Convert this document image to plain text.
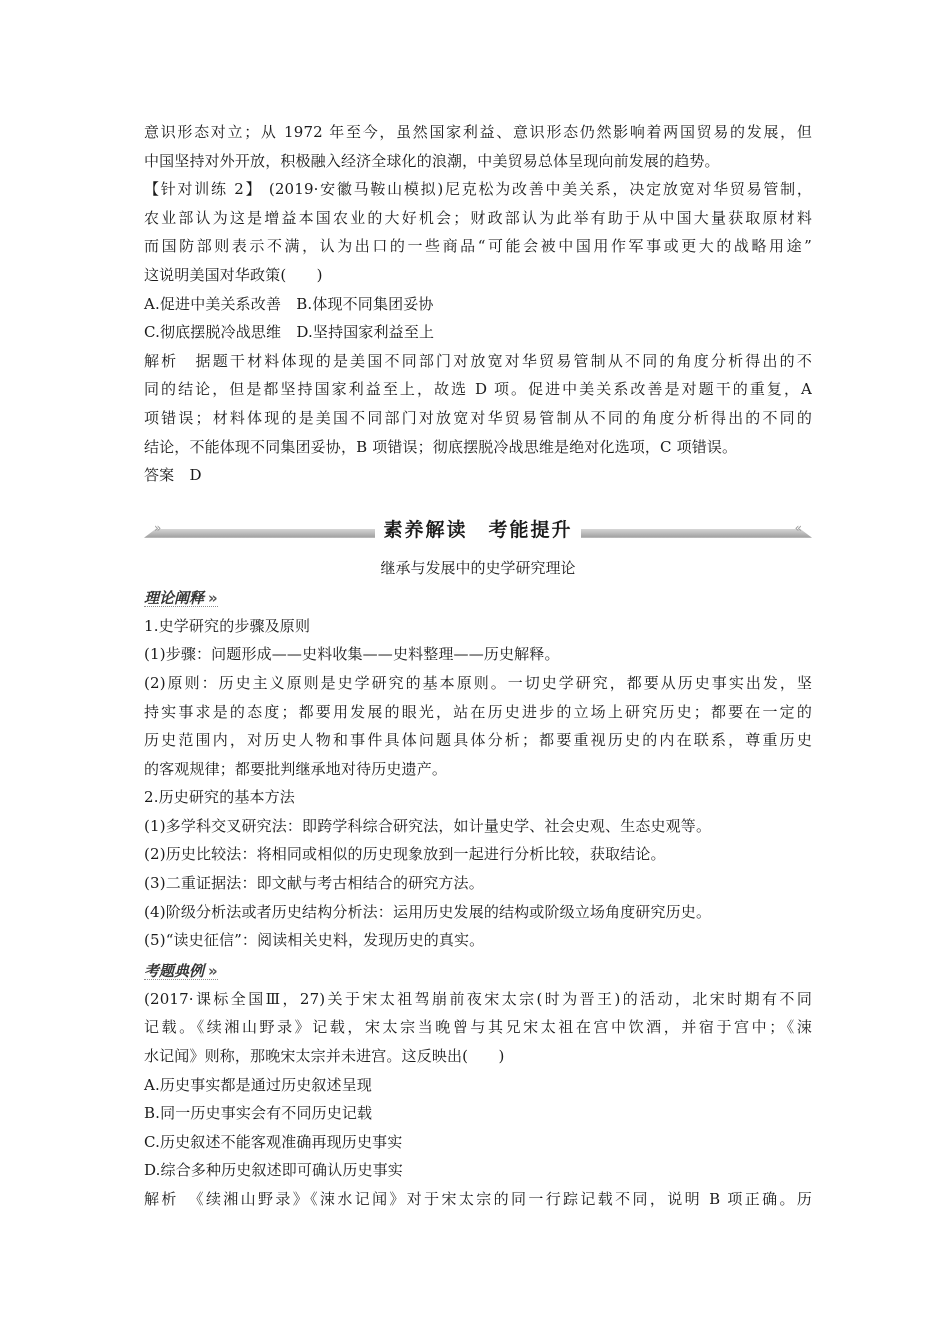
意识形态对立；从 1972 年至今，虽然国家利益、意识形态仍然影响着两国贸易的发展，但
中国坚持对外开放，积极融入经济全球化的浪潮，中美贸易总体呈现向前发展的趋势。
【针对训练 2】 (2019·安徽马鞍山模拟)尼克松为改善中美关系，决定放宽对华贸易管制，
农业部认为这是增益本国农业的大好机会；财政部认为此举有助于从中国大量获取原材料
而国防部则表示不满，认为出口的一些商品“可能会被中国用作军事或更大的战略用途”
这说明美国对华政策(　　)
A.促进中美关系改善　B.体现不同集团妥协
C.彻底摆脱冷战思维　D.坚持国家利益至上
解析　据题干材料体现的是美国不同部门对放宽对华贸易管制从不同的角度分析得出的不
同的结论，但是都坚持国家利益至上，故选 D 项。促进中美关系改善是对题干的重复，A
项错误；材料体现的是美国不同部门对放宽对华贸易管制从不同的角度分析得出的不同的
结论，不能体现不同集团妥协，B 项错误；彻底摆脱冷战思维是绝对化选项，C 项错误。
答案　D
»	«
素养解读　考能提升
继承与发展中的史学研究理论
理论阐释 »
1.史学研究的步骤及原则
(1)步骤：问题形成——史料收集——史料整理——历史解释。
(2)原则：历史主义原则是史学研究的基本原则。一切史学研究，都要从历史事实出发，坚
持实事求是的态度；都要用发展的眼光，站在历史进步的立场上研究历史；都要在一定的
历史范围内，对历史人物和事件具体问题具体分析；都要重视历史的内在联系，尊重历史
的客观规律；都要批判继承地对待历史遗产。
2.历史研究的基本方法
(1)多学科交叉研究法：即跨学科综合研究法，如计量史学、社会史观、生态史观等。
(2)历史比较法：将相同或相似的历史现象放到一起进行分析比较，获取结论。
(3)二重证据法：即文献与考古相结合的研究方法。
(4)阶级分析法或者历史结构分析法：运用历史发展的结构或阶级立场角度研究历史。
(5)“读史征信”：阅读相关史料，发现历史的真实。
考题典例 »
(2017·课标全国Ⅲ，27)关于宋太祖驾崩前夜宋太宗(时为晋王)的活动，北宋时期有不同
记载。《续湘山野录》记载，宋太宗当晚曾与其兄宋太祖在宫中饮酒，并宿于宫中；《涑
水记闻》则称，那晚宋太宗并未进宫。这反映出(　　)
A.历史事实都是通过历史叙述呈现
B.同一历史事实会有不同历史记载
C.历史叙述不能客观准确再现历史事实
D.综合多种历史叙述即可确认历史事实
解析　《续湘山野录》《涑水记闻》对于宋太宗的同一行踪记载不同，说明 B 项正确。历
